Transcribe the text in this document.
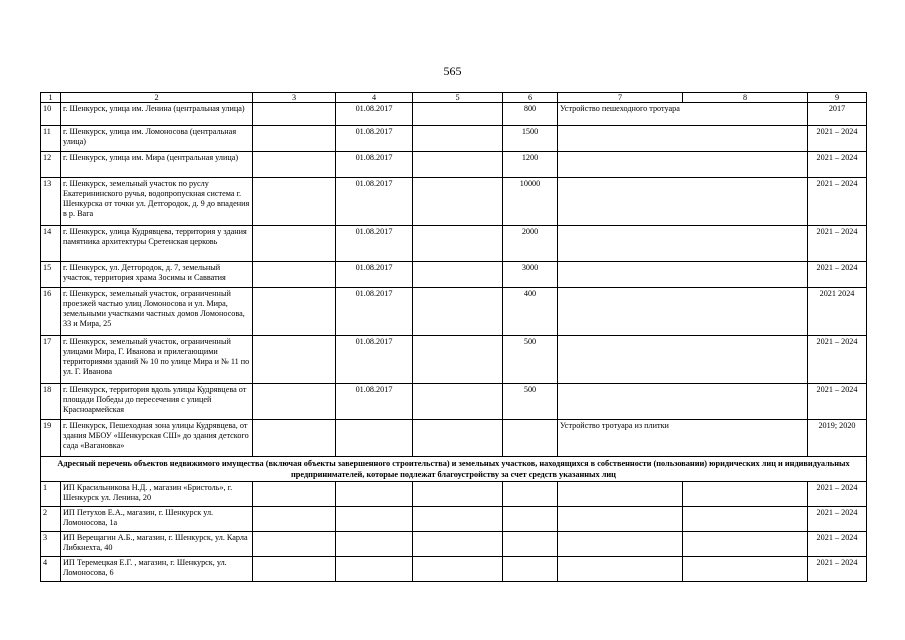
565
1	2	3	4	5	6	7	8	9
10	г. Шенкурск, улица им. Ленина (центральная улица)		01.08.2017		800	Устройство пешеходного тротуара		2017
11	г. Шенкурск, улица им. Ломоносова (центральная улица)		01.08.2017		1500			2021 – 2024
12	г. Шенкурск, улица им. Мира (центральная улица)		01.08.2017		1200			2021 – 2024
13	г. Шенкурск, земельный участок по руслу Екатерининского ручья, водопропускная система г. Шенкурска от точки ул. Детгородок, д. 9 до впадения в р. Вага		01.08.2017		10000			2021 – 2024
14	г. Шенкурск, улица Кудрявцева, территория у здания памятника архитектуры Сретенская церковь		01.08.2017		2000			2021 – 2024
15	г. Шенкурск, ул. Детгородок, д. 7, земельный участок, территория храма Зосимы и Савватия		01.08.2017		3000			2021 – 2024
16	г. Шенкурск, земельный участок, ограниченный проезжей частью улиц Ломоносова и ул. Мира, земельными участками частных домов Ломоносова, 33 и Мира, 25		01.08.2017		400			2021 2024
17	г. Шенкурск, земельный участок, ограниченный улицами Мира, Г. Иванова и прилегающими территориями зданий № 10 по улице Мира и № 11 по ул. Г. Иванова		01.08.2017		500			2021 – 2024
18	г. Шенкурск, территория вдоль улицы Кудрявцева от площади Победы до пересечения с улицей Красноармейская		01.08.2017		500			2021 – 2024
19	г. Шенкурск, Пешеходная зона улицы Кудрявцева, от здания МБОУ «Шенкурская СШ» до здания детского сада «Вагановка»					Устройство тротуара из плитки		2019; 2020
Адресный перечень объектов недвижимого имущества (включая объекты завершенного строительства) и земельных участков, находящихся в собственности (пользовании) юридических лиц и индивидуальных предпринимателей, которые подлежат благоустройству за счет средств указанных лиц								
1	ИП Красильникова Н.Д. , магазин «Бристоль», г. Шенкурск ул. Ленина, 20							2021 – 2024
2	ИП Петухов Е.А., магазин, г. Шенкурск ул. Ломоносова, 1а							2021 – 2024
3	ИП Верещагин А.Б., магазин, г. Шенкурск, ул. Карла Либкнехта, 40							2021 – 2024
4	ИП Теремецкая Е.Г. , магазин, г. Шенкурск, ул. Ломоносова, 6							2021 – 2024
